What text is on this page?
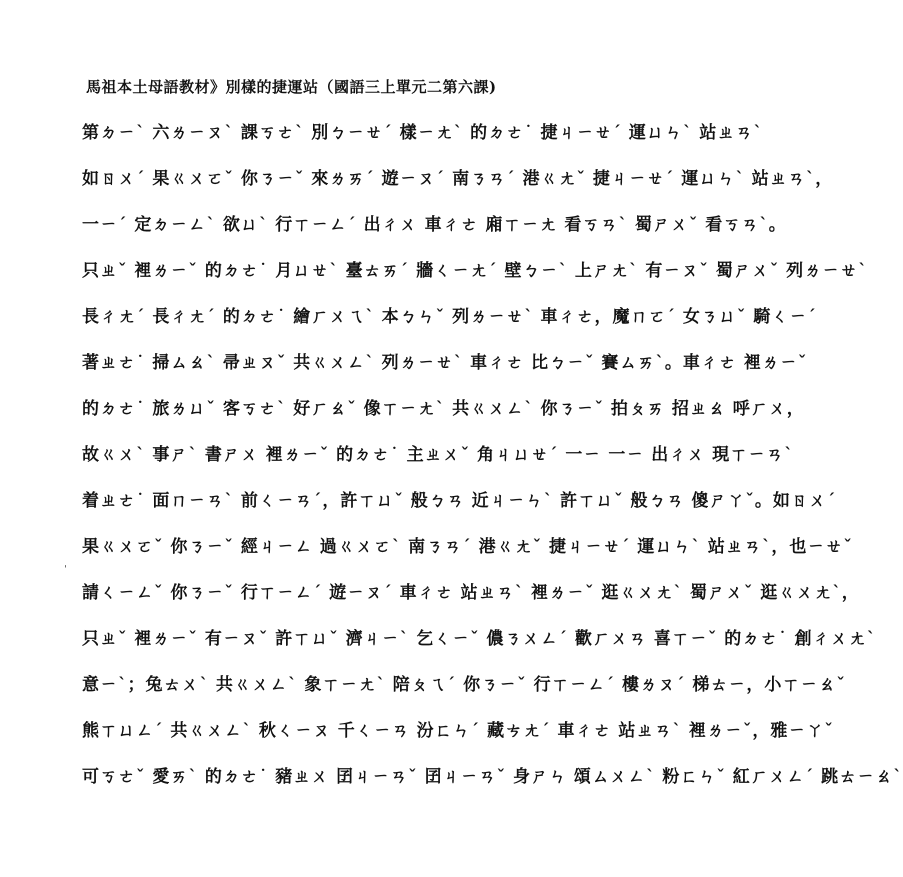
馬祖本土母語教材》別樣的捷運站（國語三上單元二第六課)
第ㄉㄧˋ 六ㄌㄧㄡˋ 課ㄎㄜˋ 別ㄅㄧㄝˊ 樣ㄧㄤˋ 的ㄉㄜ˙ 捷ㄐㄧㄝˊ 運ㄩㄣˋ 站ㄓㄢˋ
如ㄖㄨˊ 果ㄍㄨㄛˇ 你ㄋㄧˇ 來ㄌㄞˊ 遊ㄧㄡˊ 南ㄋㄢˊ 港ㄍㄤˇ 捷ㄐㄧㄝˊ 運ㄩㄣˋ 站ㄓㄢˋ，
一ㄧˊ 定ㄉㄧㄥˋ 欲ㄩˋ 行ㄒㄧㄥˊ 出ㄔㄨ 車ㄔㄜ 廂ㄒㄧㄤ 看ㄎㄢˋ 蜀ㄕㄨˇ 看ㄎㄢˋ。
只ㄓˇ 裡ㄌㄧˇ 的ㄉㄜ˙ 月ㄩㄝˋ 臺ㄊㄞˊ 牆ㄑㄧㄤˊ 壁ㄅㄧˋ 上ㄕㄤˋ 有ㄧㄡˇ 蜀ㄕㄨˇ 列ㄌㄧㄝˋ
長ㄔㄤˊ 長ㄔㄤˊ 的ㄉㄜ˙ 繪ㄏㄨㄟˋ 本ㄅㄣˇ 列ㄌㄧㄝˋ 車ㄔㄜ，魔ㄇㄛˊ 女ㄋㄩˇ 騎ㄑㄧˊ
著ㄓㄜ˙ 掃ㄙㄠˋ 帚ㄓㄡˇ 共ㄍㄨㄥˋ 列ㄌㄧㄝˋ 車ㄔㄜ 比ㄅㄧˇ 賽ㄙㄞˋ。車ㄔㄜ 裡ㄌㄧˇ
的ㄉㄜ˙ 旅ㄌㄩˇ 客ㄎㄜˋ 好ㄏㄠˇ 像ㄒㄧㄤˋ 共ㄍㄨㄥˋ 你ㄋㄧˇ 拍ㄆㄞ 招ㄓㄠ 呼ㄏㄨ，
故ㄍㄨˋ 事ㄕˋ 書ㄕㄨ 裡ㄌㄧˇ 的ㄉㄜ˙ 主ㄓㄨˇ 角ㄐㄩㄝˊ 一ㄧ 一ㄧ 出ㄔㄨ 現ㄒㄧㄢˋ
着ㄓㄜ˙ 面ㄇㄧㄢˋ 前ㄑㄧㄢˊ，許ㄒㄩˇ 般ㄅㄢ 近ㄐㄧㄣˋ 許ㄒㄩˇ 般ㄅㄢ 傻ㄕㄚˇ。如ㄖㄨˊ
果ㄍㄨㄛˇ 你ㄋㄧˇ 經ㄐㄧㄥ 過ㄍㄨㄛˋ 南ㄋㄢˊ 港ㄍㄤˇ 捷ㄐㄧㄝˊ 運ㄩㄣˋ 站ㄓㄢˋ，也ㄧㄝˇ
請ㄑㄧㄥˇ 你ㄋㄧˇ 行ㄒㄧㄥˊ 遊ㄧㄡˊ 車ㄔㄜ 站ㄓㄢˋ 裡ㄌㄧˇ 逛ㄍㄨㄤˋ 蜀ㄕㄨˇ 逛ㄍㄨㄤˋ，
只ㄓˇ 裡ㄌㄧˇ 有ㄧㄡˇ 許ㄒㄩˇ 濟ㄐㄧˋ 乞ㄑㄧˇ 儂ㄋㄨㄥˊ 歡ㄏㄨㄢ 喜ㄒㄧˇ 的ㄉㄜ˙ 創ㄔㄨㄤˋ
意ㄧˋ；兔ㄊㄨˋ 共ㄍㄨㄥˋ 象ㄒㄧㄤˋ 陪ㄆㄟˊ 你ㄋㄧˇ 行ㄒㄧㄥˊ 樓ㄌㄡˊ 梯ㄊㄧ，小ㄒㄧㄠˇ
熊ㄒㄩㄥˊ 共ㄍㄨㄥˋ 秋ㄑㄧㄡ 千ㄑㄧㄢ 汾ㄈㄣˊ 藏ㄘㄤˊ 車ㄔㄜ 站ㄓㄢˋ 裡ㄌㄧˇ，雅ㄧㄚˇ
可ㄎㄜˇ 愛ㄞˋ 的ㄉㄜ˙ 豬ㄓㄨ 囝ㄐㄧㄢˇ 囝ㄐㄧㄢˇ 身ㄕㄣ 頌ㄙㄨㄥˋ 粉ㄈㄣˇ 紅ㄏㄨㄥˊ 跳ㄊㄧㄠˋ
ˈ
